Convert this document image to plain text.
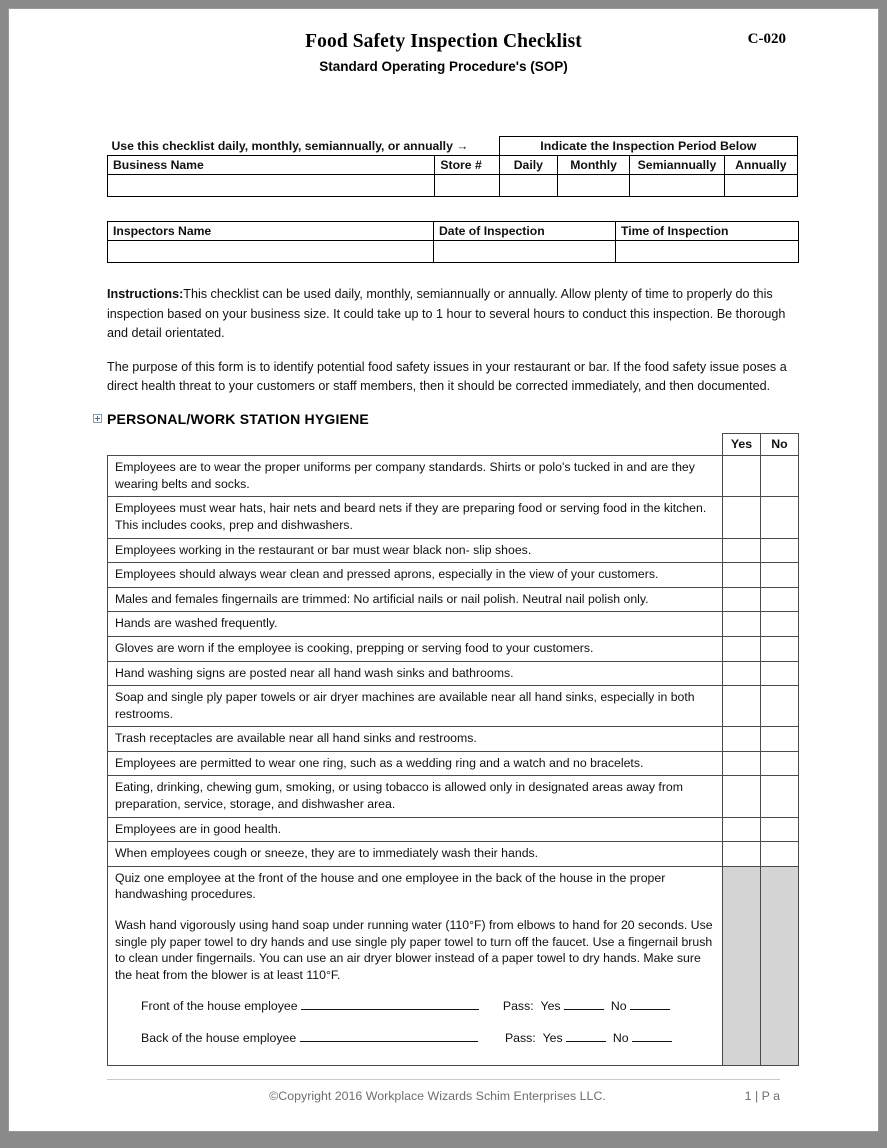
Food Safety Inspection Checklist
Standard Operating Procedure's (SOP)
C-020
Use this checklist daily, monthly, semiannually, or annually →		Indicate the Inspection Period Below			
Business Name	Store #	Daily	Monthly	Semiannually	Annually

Inspectors Name	Date of Inspection	Time of Inspection

Instructions:This checklist can be used daily, monthly, semiannually or annually. Allow plenty of time to properly do this inspection based on your business size. It could take up to 1 hour to several hours to conduct this inspection. Be thorough and detail orientated.

The purpose of this form is to identify potential food safety issues in your restaurant or bar. If the food safety issue poses a direct health threat to your customers or staff members, then it should be corrected immediately, and then documented.

PERSONAL/WORK STATION HYGIENE
	Yes	No
Employees are to wear the proper uniforms per company standards. Shirts or polo's tucked in and are they wearing belts and socks.		
Employees must wear hats, hair nets and beard nets if they are preparing food or serving food in the kitchen. This includes cooks, prep and dishwashers.		
Employees working in the restaurant or bar must wear black non- slip shoes.		
Employees should always wear clean and pressed aprons, especially in the view of your customers.		
Males and females fingernails are trimmed: No artificial nails or nail polish. Neutral nail polish only.		
Hands are washed frequently.		
Gloves are worn if the employee is cooking, prepping or serving food to your customers.		
Hand washing signs are posted near all hand wash sinks and bathrooms.		
Soap and single ply paper towels or air dryer machines are available near all hand sinks, especially in both restrooms.		
Trash receptacles are available near all hand sinks and restrooms.		
Employees are permitted to wear one ring, such as a wedding ring and a watch and no bracelets.		
Eating, drinking, chewing gum, smoking, or using tobacco is allowed only in designated areas away from preparation, service, storage, and dishwasher area.		
Employees are in good health.		
When employees cough or sneeze, they are to immediately wash their hands.		

Quiz one employee at the front of the house and one employee in the back of the house in the proper handwashing procedures.

Wash hand vigorously using hand soap under running water (110°F) from elbows to hand for 20 seconds. Use single ply paper towel to dry hands and use single ply paper towel to turn off the faucet. Use a fingernail brush to clean under fingernails. You can use an air dryer blower instead of a paper towel to dry hands. Make sure the heat from the blower is at least 110°F.

Front of the house employee Pass: Yes No

Back of the house employee Pass: Yes No		

©Copyright 2016 Workplace Wizards Schim Enterprises LLC.	1 | P a
